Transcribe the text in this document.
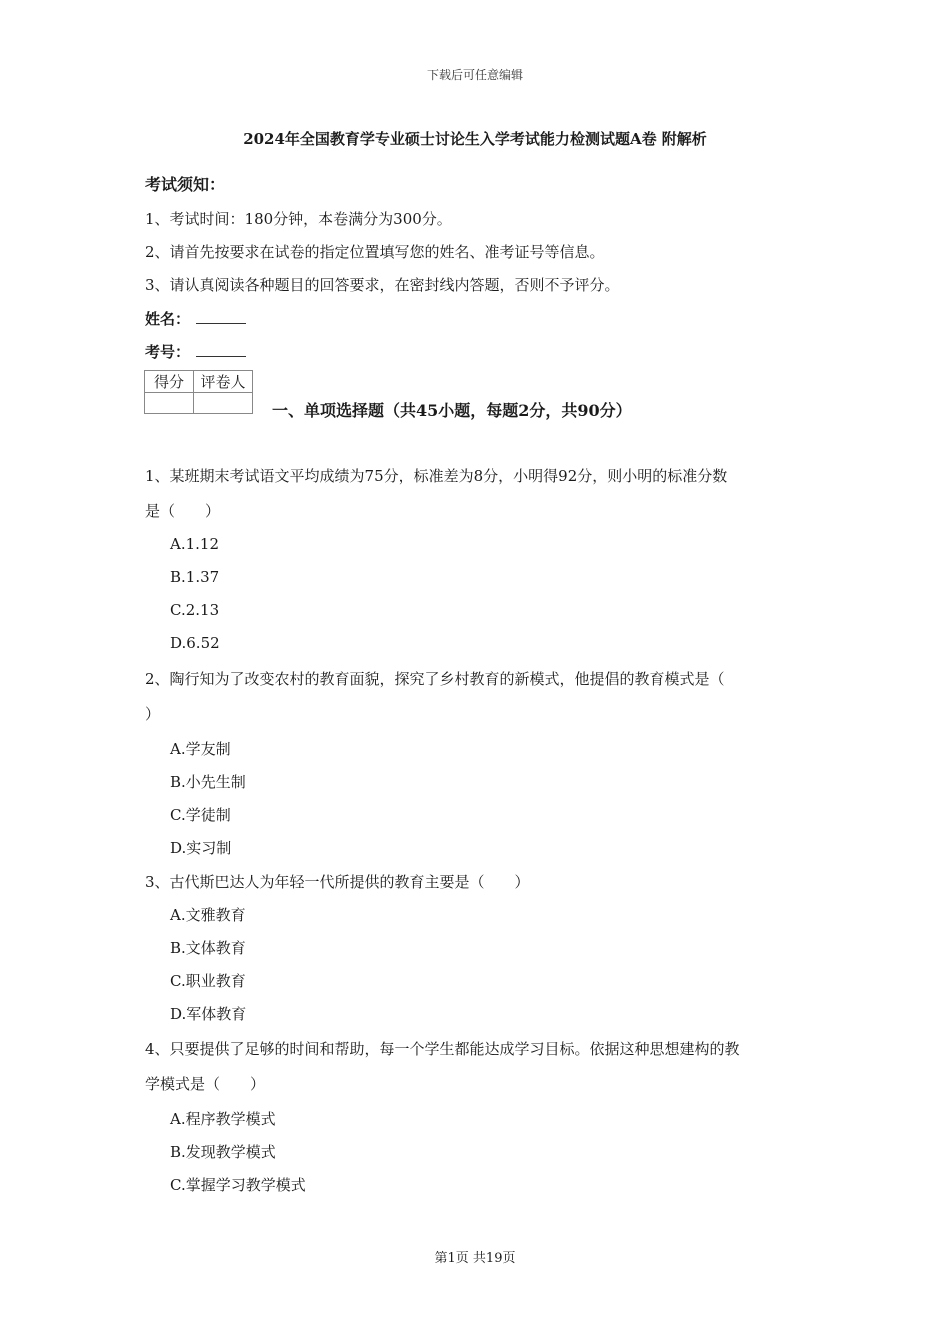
下载后可任意编辑
2024年全国教育学专业硕士讨论生入学考试能力检测试题A卷 附解析
考试须知：
1、考试时间：180分钟，本卷满分为300分。
2、请首先按要求在试卷的指定位置填写您的姓名、准考证号等信息。
3、请认真阅读各种题目的回答要求，在密封线内答题，否则不予评分。
姓名：
考号：
得分	评卷人

一、单项选择题（共45小题，每题2分，共90分）
1、某班期末考试语文平均成绩为75分，标准差为8分，小明得92分，则小明的标准分数
是（　　）
A.1.12
B.1.37
C.2.13
D.6.52
2、陶行知为了改变农村的教育面貌，探究了乡村教育的新模式，他提倡的教育模式是（
）
A.学友制
B.小先生制
C.学徒制
D.实习制
3、古代斯巴达人为年轻一代所提供的教育主要是（　　）
A.文雅教育
B.文体教育
C.职业教育
D.军体教育
4、只要提供了足够的时间和帮助，每一个学生都能达成学习目标。依据这种思想建构的教
学模式是（　　）
A.程序教学模式
B.发现教学模式
C.掌握学习教学模式
第1页 共19页
